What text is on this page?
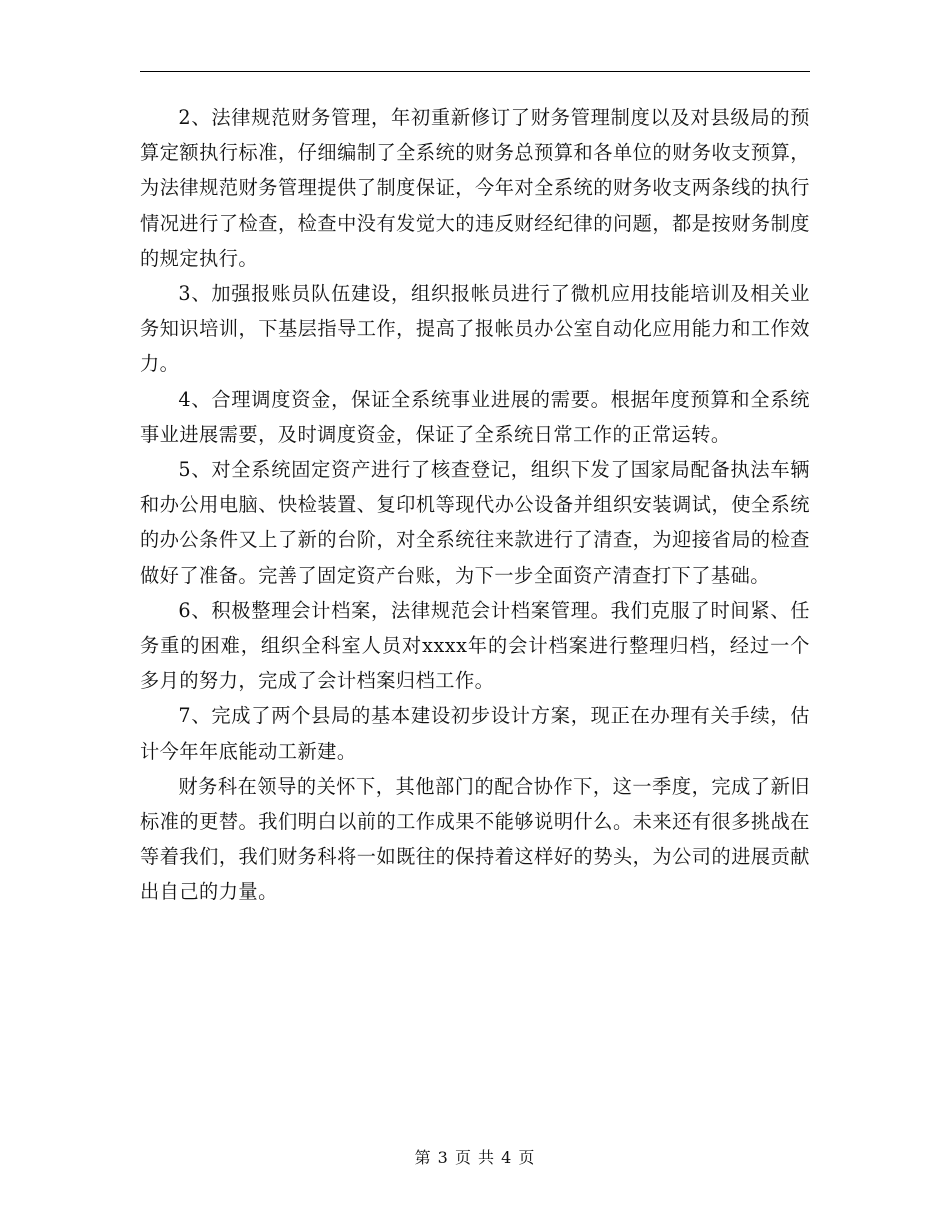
2、法律规范财务管理，年初重新修订了财务管理制度以及对县级局的预算定额执行标准，仔细编制了全系统的财务总预算和各单位的财务收支预算，为法律规范财务管理提供了制度保证，今年对全系统的财务收支两条线的执行情况进行了检查，检查中没有发觉大的违反财经纪律的问题，都是按财务制度的规定执行。

3、加强报账员队伍建设，组织报帐员进行了微机应用技能培训及相关业务知识培训，下基层指导工作，提高了报帐员办公室自动化应用能力和工作效力。

4、合理调度资金，保证全系统事业进展的需要。根据年度预算和全系统事业进展需要，及时调度资金，保证了全系统日常工作的正常运转。

5、对全系统固定资产进行了核查登记，组织下发了国家局配备执法车辆和办公用电脑、快检装置、复印机等现代办公设备并组织安装调试，使全系统的办公条件又上了新的台阶，对全系统往来款进行了清查，为迎接省局的检查做好了准备。完善了固定资产台账，为下一步全面资产清查打下了基础。

6、积极整理会计档案，法律规范会计档案管理。我们克服了时间紧、任务重的困难，组织全科室人员对xxxx年的会计档案进行整理归档，经过一个多月的努力，完成了会计档案归档工作。

7、完成了两个县局的基本建设初步设计方案，现正在办理有关手续，估计今年年底能动工新建。

财务科在领导的关怀下，其他部门的配合协作下，这一季度，完成了新旧标准的更替。我们明白以前的工作成果不能够说明什么。未来还有很多挑战在等着我们，我们财务科将一如既往的保持着这样好的势头，为公司的进展贡献出自己的力量。

第 3 页 共 4 页
